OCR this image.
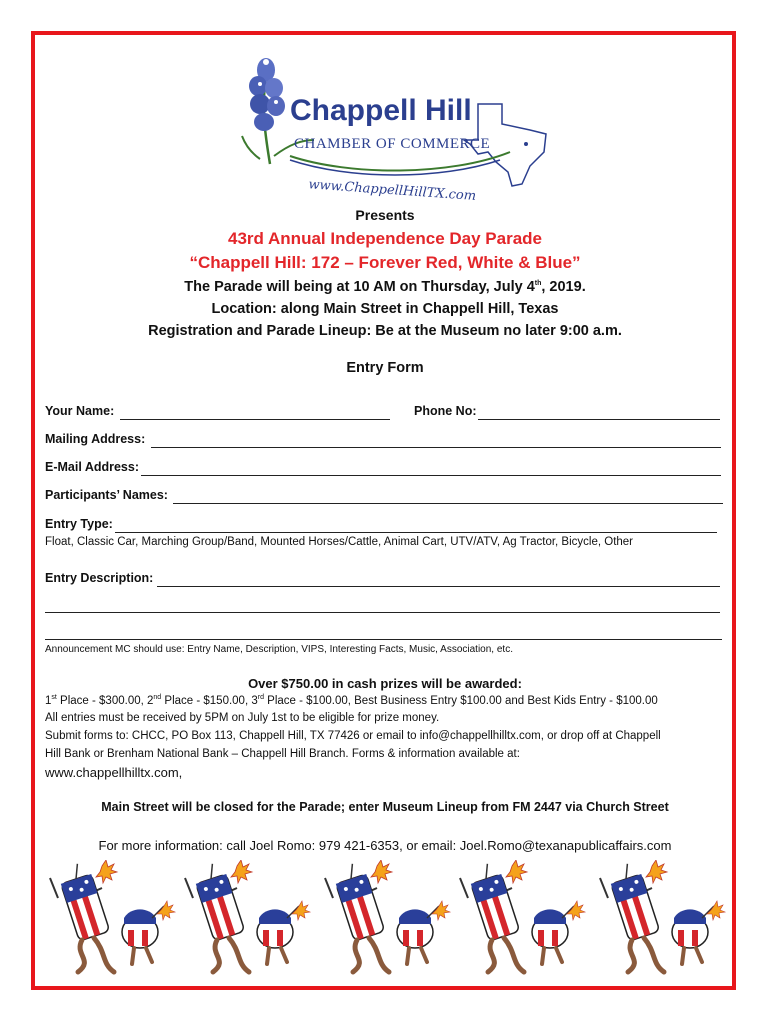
Chappell Hill
CHAMBER OF COMMERCE
www.ChappellHillTX.com
Presents
43rd Annual Independence Day Parade
“Chappell Hill: 172 – Forever Red, White & Blue”
The Parade will being at 10 AM on Thursday, July 4th, 2019.
Location: along Main Street in Chappell Hill, Texas
Registration and Parade Lineup: Be at the Museum no later 9:00 a.m.
Entry Form
Your Name:	Phone No:
Mailing Address:
E-Mail Address:
Participants’ Names:
Entry Type:
Float, Classic Car, Marching Group/Band, Mounted Horses/Cattle, Animal Cart, UTV/ATV, Ag Tractor, Bicycle, Other
Entry Description:
Announcement MC should use: Entry Name, Description, VIPS, Interesting Facts, Music, Association, etc.
Over $750.00 in cash prizes will be awarded:
1st Place - $300.00, 2nd Place - $150.00, 3rd Place - $100.00, Best Business Entry $100.00 and Best Kids Entry - $100.00
All entries must be received by 5PM on July 1st to be eligible for prize money.
Submit forms to: CHCC, PO Box 113, Chappell Hill, TX 77426 or email to info@chappellhilltx.com, or drop off at Chappell
Hill Bank or Brenham National Bank – Chappell Hill Branch. Forms & information available at:
www.chappellhilltx.com,
Main Street will be closed for the Parade; enter Museum Lineup from FM 2447 via Church Street
For more information: call Joel Romo: 979 421-6353, or email: Joel.Romo@texanapublicaffairs.com
